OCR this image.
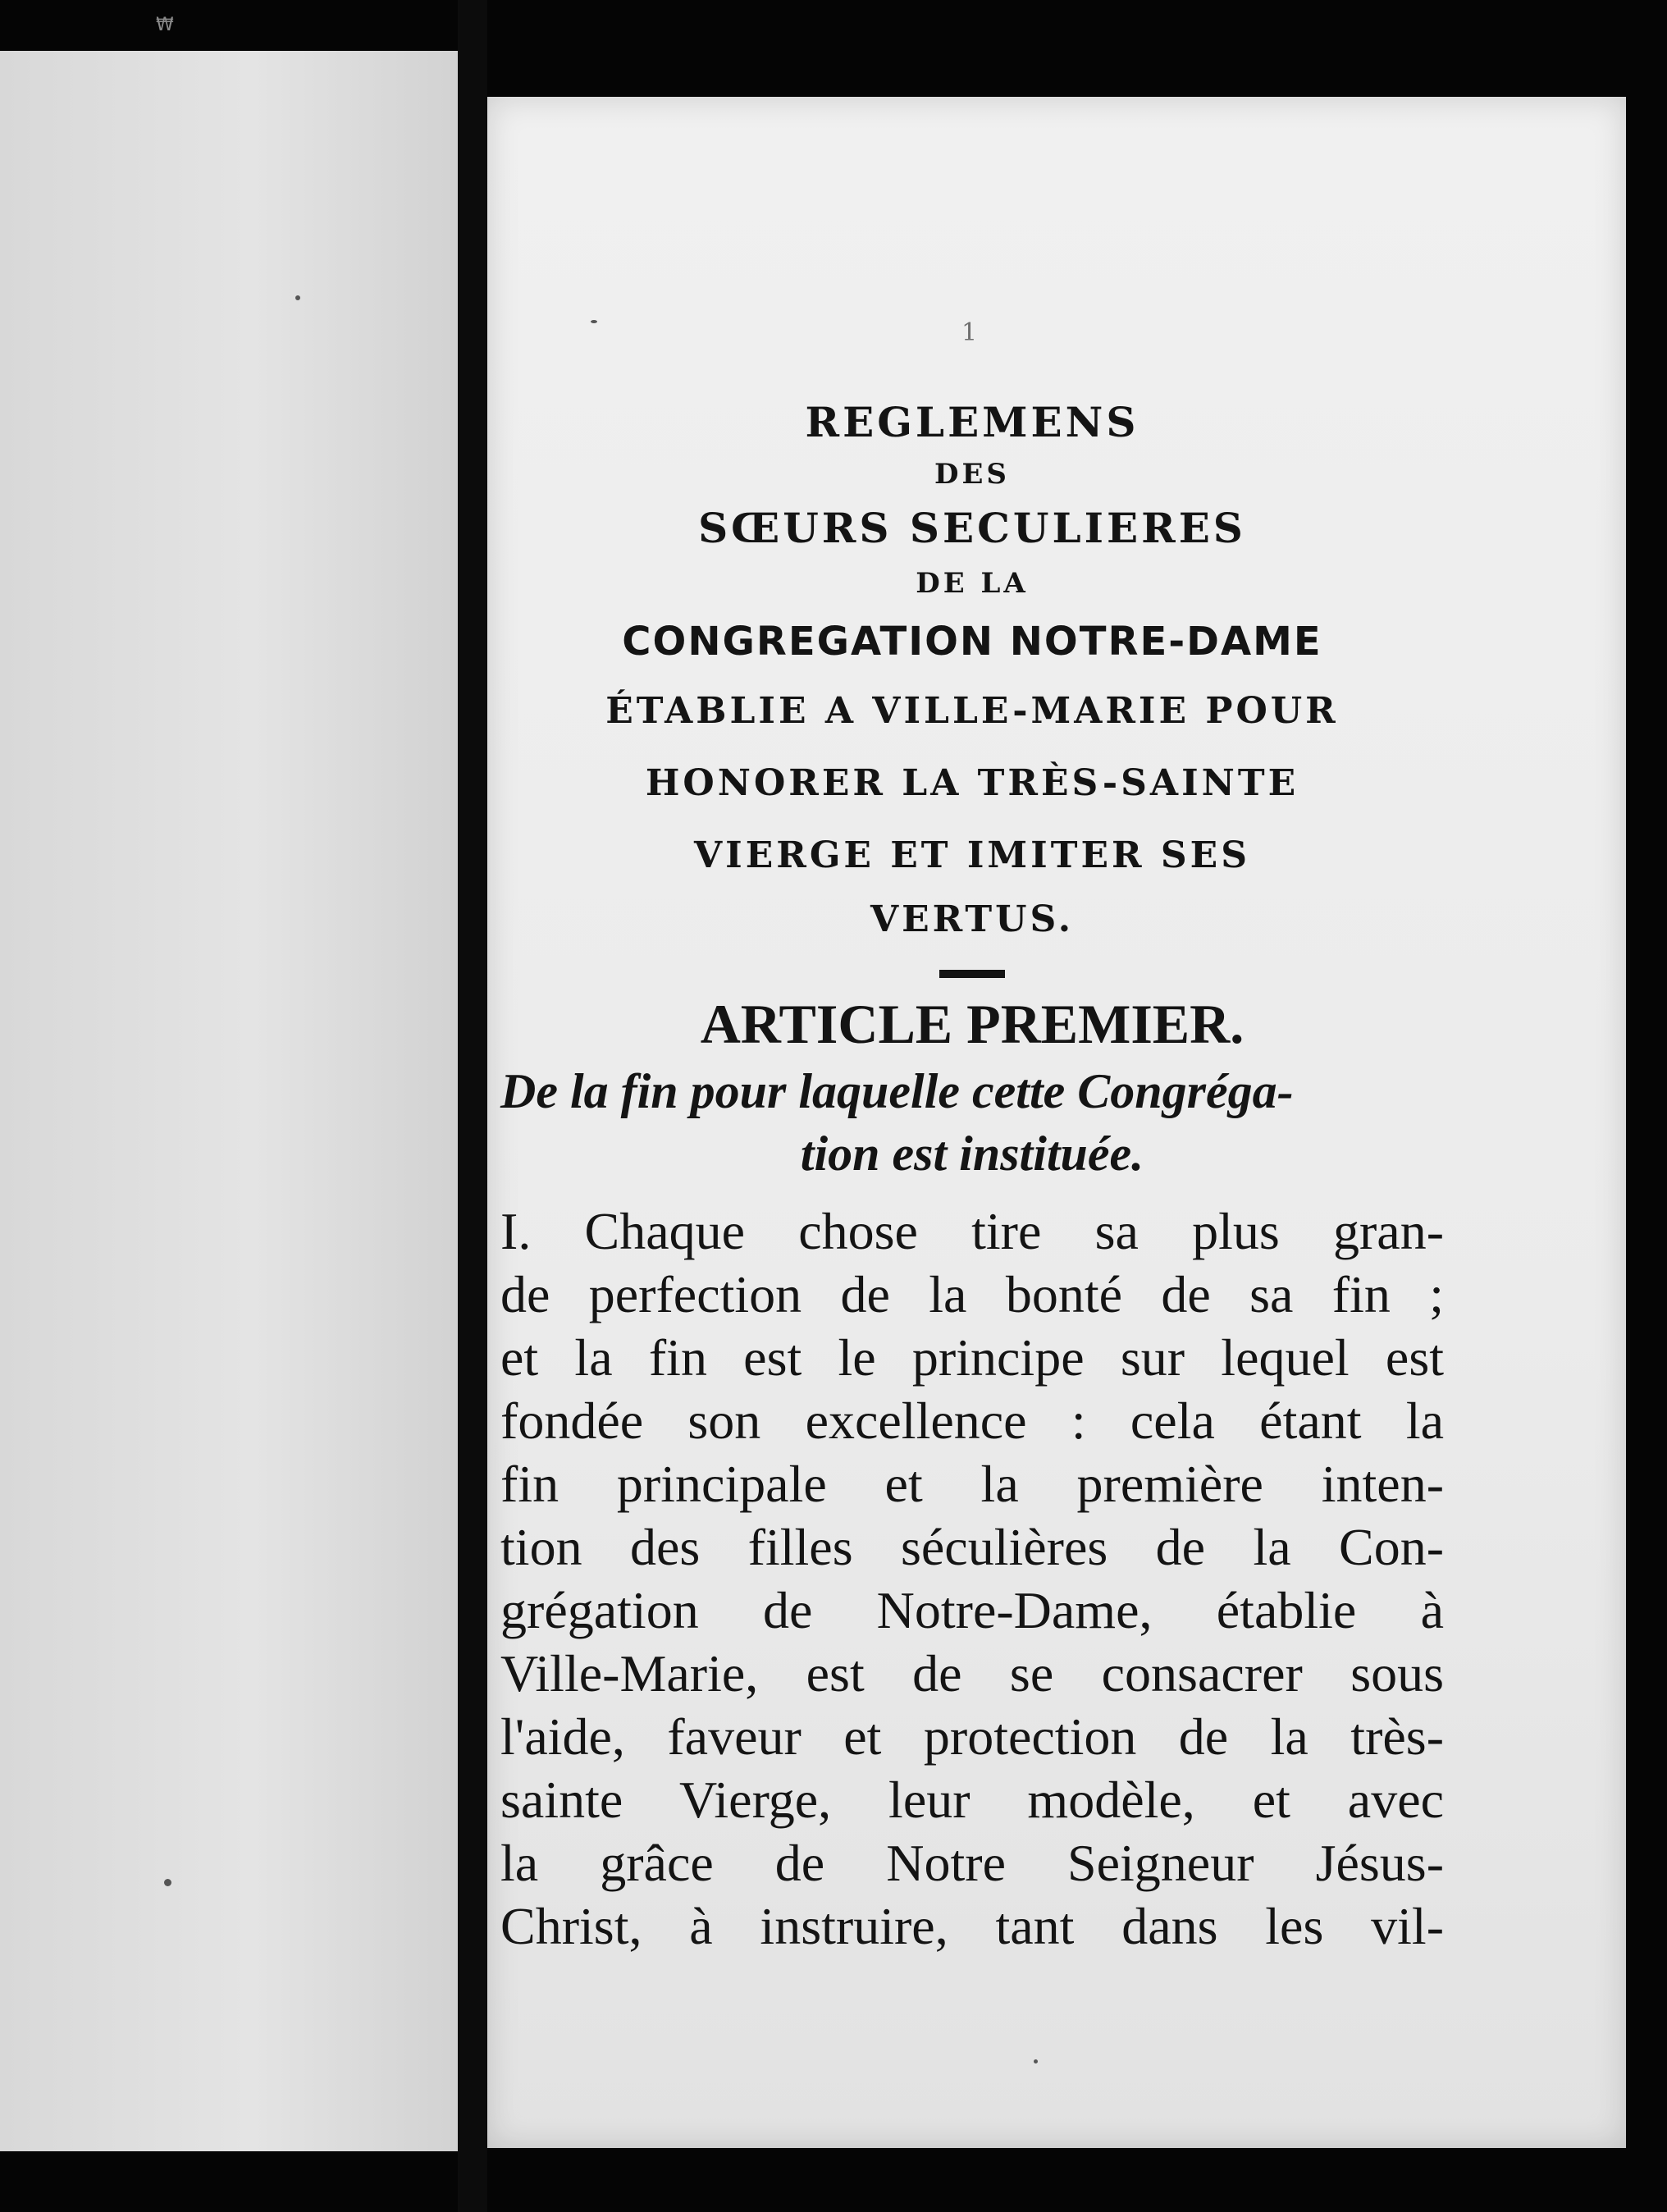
₩
1
REGLEMENS
DES
SŒURS SECULIERES
DE LA
CONGREGATION NOTRE-DAME
ÉTABLIE A VILLE-MARIE POUR
HONORER LA TRÈS-SAINTE
VIERGE ET IMITER SES
VERTUS.
ARTICLE PREMIER.
De la fin pour laquelle cette Congréga-
tion est instituée.
I. Chaque chose tire sa plus gran-
de perfection de la bonté de sa fin ;
et la fin est le principe sur lequel est
fondée son excellence : cela étant la
fin principale et la première inten-
tion des filles séculières de la Con-
grégation de Notre-Dame, établie à
Ville-Marie, est de se consacrer sous
l'aide, faveur et protection de la très-
sainte Vierge, leur modèle, et avec
la grâce de Notre Seigneur Jésus-
Christ, à instruire, tant dans les vil-
